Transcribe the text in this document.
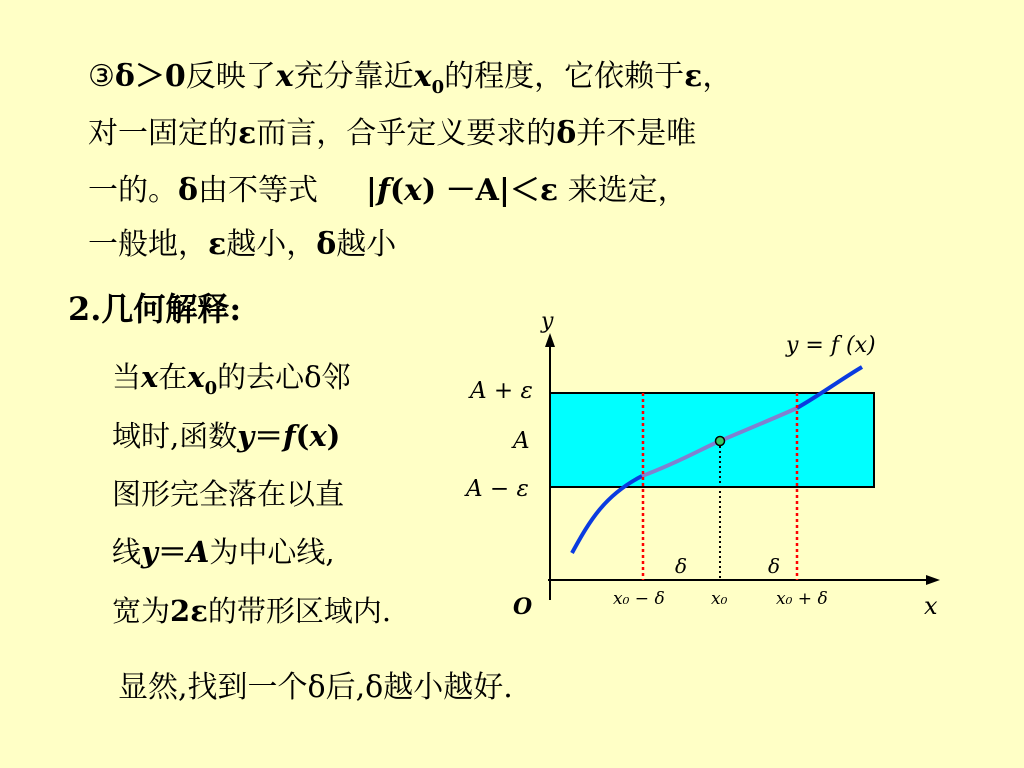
③δ＞0反映了x充分靠近$x_0$的程度，它依赖于ε，
对一固定的ε而言，合乎定义要求的δ并不是唯
一的。δ由不等式 |f(x) －A|＜ε 来选定，
一般地，ε越小，δ越小
2.几何解释:
当x在$x_0$的去心δ邻
域时,函数y＝f(x)
图形完全落在以直
线y＝A为中心线,
宽为2ε的带形区域内.
显然,找到一个δ后,δ越小越好.
y
x
O
y = f (x)
A + ε
A
A − ε
δ	δ
x₀ − δ	x₀	x₀ + δ
